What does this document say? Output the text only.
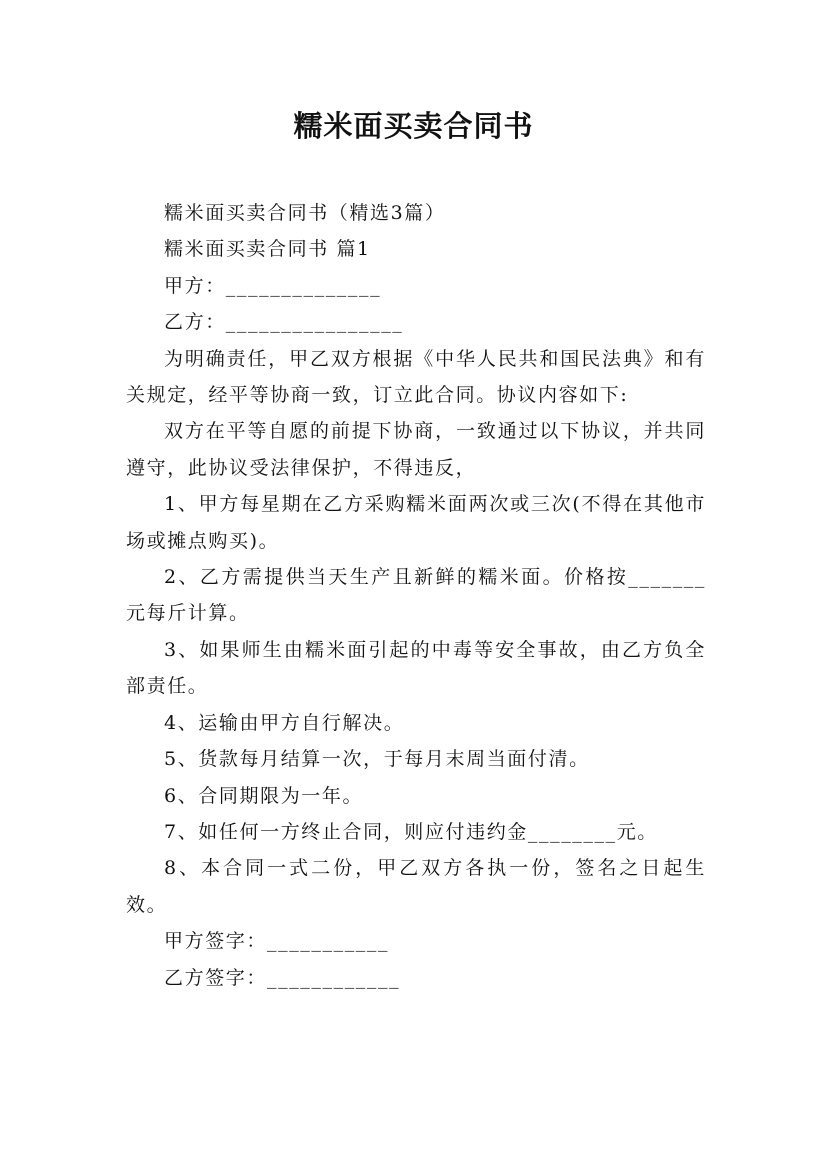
糯米面买卖合同书

糯米面买卖合同书（精选3篇）

糯米面买卖合同书 篇1

甲方：______________

乙方：________________

为明确责任，甲乙双方根据《中华人民共和国民法典》和有关规定，经平等协商一致，订立此合同。协议内容如下:

双方在平等自愿的前提下协商，一致通过以下协议，并共同遵守，此协议受法律保护，不得违反，

1、甲方每星期在乙方采购糯米面两次或三次(不得在其他市场或摊点购买)。

2、乙方需提供当天生产且新鲜的糯米面。价格按_______元每斤计算。

3、如果师生由糯米面引起的中毒等安全事故，由乙方负全部责任。

4、运输由甲方自行解决。

5、货款每月结算一次，于每月末周当面付清。

6、合同期限为一年。

7、如任何一方终止合同，则应付违约金________元。

8、本合同一式二份，甲乙双方各执一份，签名之日起生效。

甲方签字：___________

乙方签字：____________
